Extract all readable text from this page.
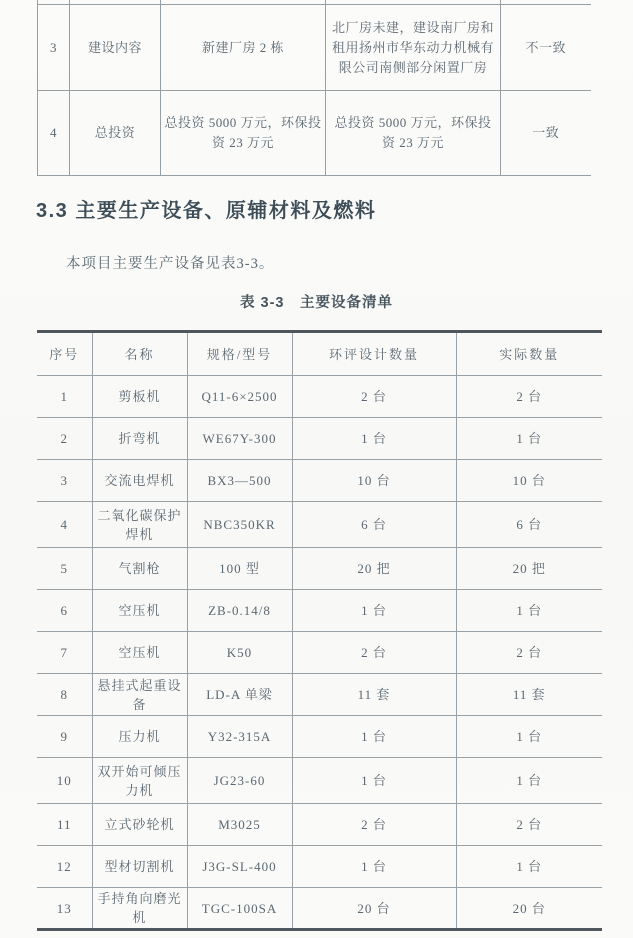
3	建设内容	新建厂房 2 栋	北厂房未建，建设南厂房和租用扬州市华东动力机械有限公司南侧部分闲置厂房	不一致
4	总投资	总投资 5000 万元，环保投资 23 万元	总投资 5000 万元，环保投资 23 万元	一致
3.3 主要生产设备、原辅材料及燃料

本项目主要生产设备见表3-3。

表 3-3　主要设备清单
序号	名称	规格/型号	环评设计数量	实际数量
1	剪板机	Q11-6×2500	2 台	2 台
2	折弯机	WE67Y-300	1 台	1 台
3	交流电焊机	BX3—500	10 台	10 台
4	二氧化碳保护焊机	NBC350KR	6 台	6 台
5	气割枪	100 型	20 把	20 把
6	空压机	ZB-0.14/8	1 台	1 台
7	空压机	K50	2 台	2 台
8	悬挂式起重设备	LD-A 单梁	11 套	11 套
9	压力机	Y32-315A	1 台	1 台
10	双开始可倾压力机	JG23-60	1 台	1 台
11	立式砂轮机	M3025	2 台	2 台
12	型材切割机	J3G-SL-400	1 台	1 台
13	手持角向磨光机	TGC-100SA	20 台	20 台
